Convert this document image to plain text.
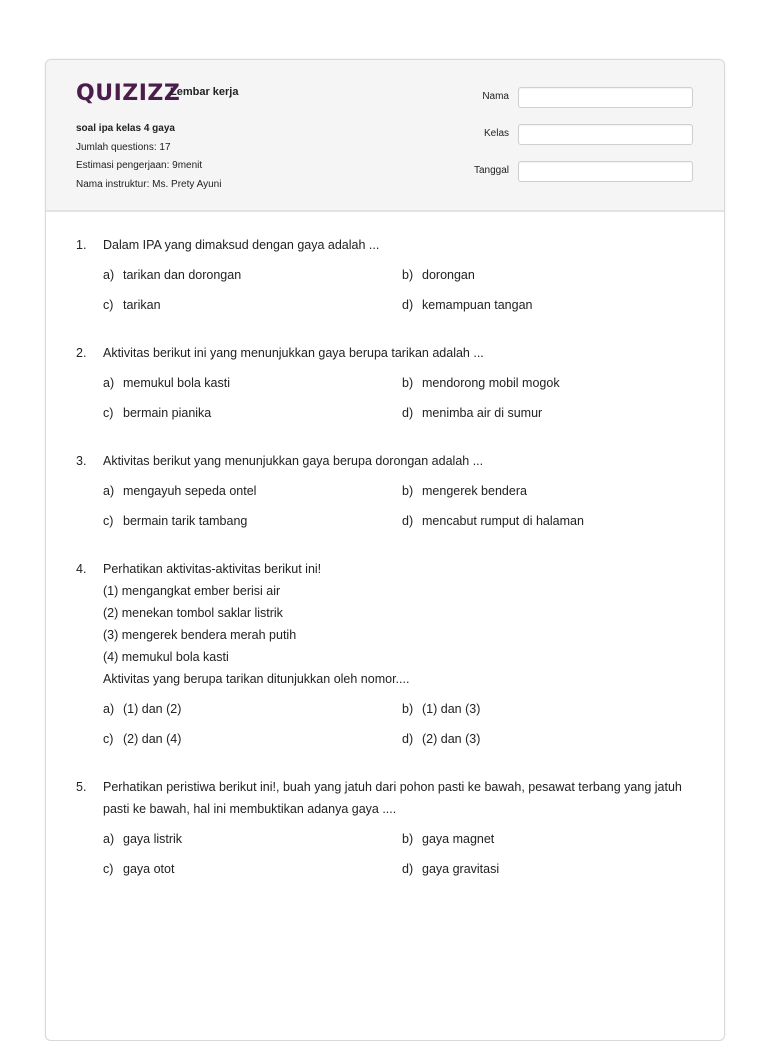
QUIZIZZ
Lembar kerja
soal ipa kelas 4 gaya
Jumlah questions: 17
Estimasi pengerjaan: 9menit
Nama instruktur: Ms. Prety Ayuni
Nama
Kelas
Tanggal
1.	Dalam IPA yang dimaksud dengan gaya adalah ...
a) tarikan dan dorongan	b) dorongan
c) tarikan	d) kemampuan tangan
2.	Aktivitas berikut ini yang menunjukkan gaya berupa tarikan adalah ...
a) memukul bola kasti	b) mendorong mobil mogok
c) bermain pianika	d) menimba air di sumur
3.	Aktivitas berikut yang menunjukkan gaya berupa dorongan adalah ...
a) mengayuh sepeda ontel	b) mengerek bendera
c) bermain tarik tambang	d) mencabut rumput di halaman
4.	Perhatikan aktivitas-aktivitas berikut ini!
(1) mengangkat ember berisi air
(2) menekan tombol saklar listrik
(3) mengerek bendera merah putih
(4) memukul bola kasti
Aktivitas yang berupa tarikan ditunjukkan oleh nomor....
a) (1) dan (2)	b) (1) dan (3)
c) (2) dan (4)	d) (2) dan (3)
5.	Perhatikan peristiwa berikut ini!, buah yang jatuh dari pohon pasti ke bawah, pesawat terbang yang jatuh pasti ke bawah, hal ini membuktikan adanya gaya ....
a) gaya listrik	b) gaya magnet
c) gaya otot	d) gaya gravitasi
